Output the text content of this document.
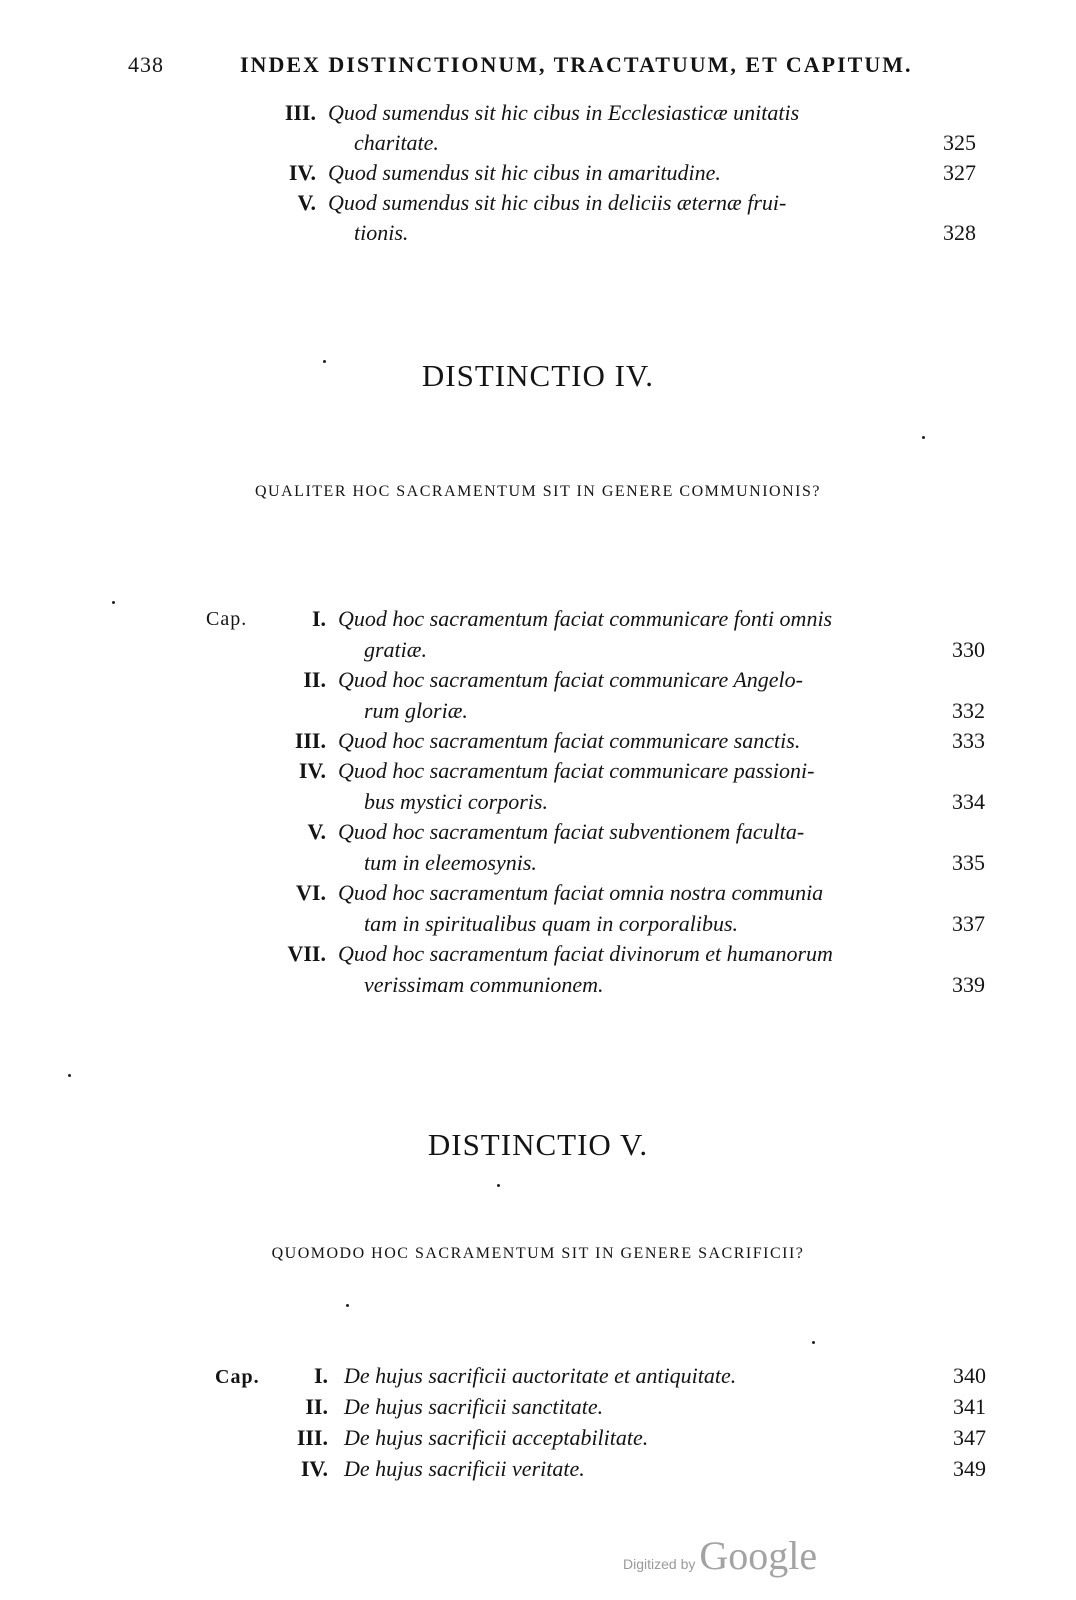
438	INDEX DISTINCTIONUM, TRACTATUUM, ET CAPITUM.
III. Quod sumendus sit hic cibus in Ecclesiasticæ unitatis
charitate.	325
IV. Quod sumendus sit hic cibus in amaritudine.	327
V. Quod sumendus sit hic cibus in deliciis æternæ frui-
tionis.	328
DISTINCTIO IV.
QUALITER HOC SACRAMENTUM SIT IN GENERE COMMUNIONIS?
Cap.	I. Quod hoc sacramentum faciat communicare fonti omnis
gratiæ.	330
II. Quod hoc sacramentum faciat communicare Angelo-
rum gloriæ.	332
III. Quod hoc sacramentum faciat communicare sanctis.	333
IV. Quod hoc sacramentum faciat communicare passioni-
bus mystici corporis.	334
V. Quod hoc sacramentum faciat subventionem faculta-
tum in eleemosynis.	335
VI. Quod hoc sacramentum faciat omnia nostra communia
tam in spiritualibus quam in corporalibus.	337
VII. Quod hoc sacramentum faciat divinorum et humanorum
verissimam communionem.	339
DISTINCTIO V.
QUOMODO HOC SACRAMENTUM SIT IN GENERE SACRIFICII?
Cap.	I. De hujus sacrificii auctoritate et antiquitate.	340
II. De hujus sacrificii sanctitate.	341
III. De hujus sacrificii acceptabilitate.	347
IV. De hujus sacrificii veritate.	349
Digitized by Google
